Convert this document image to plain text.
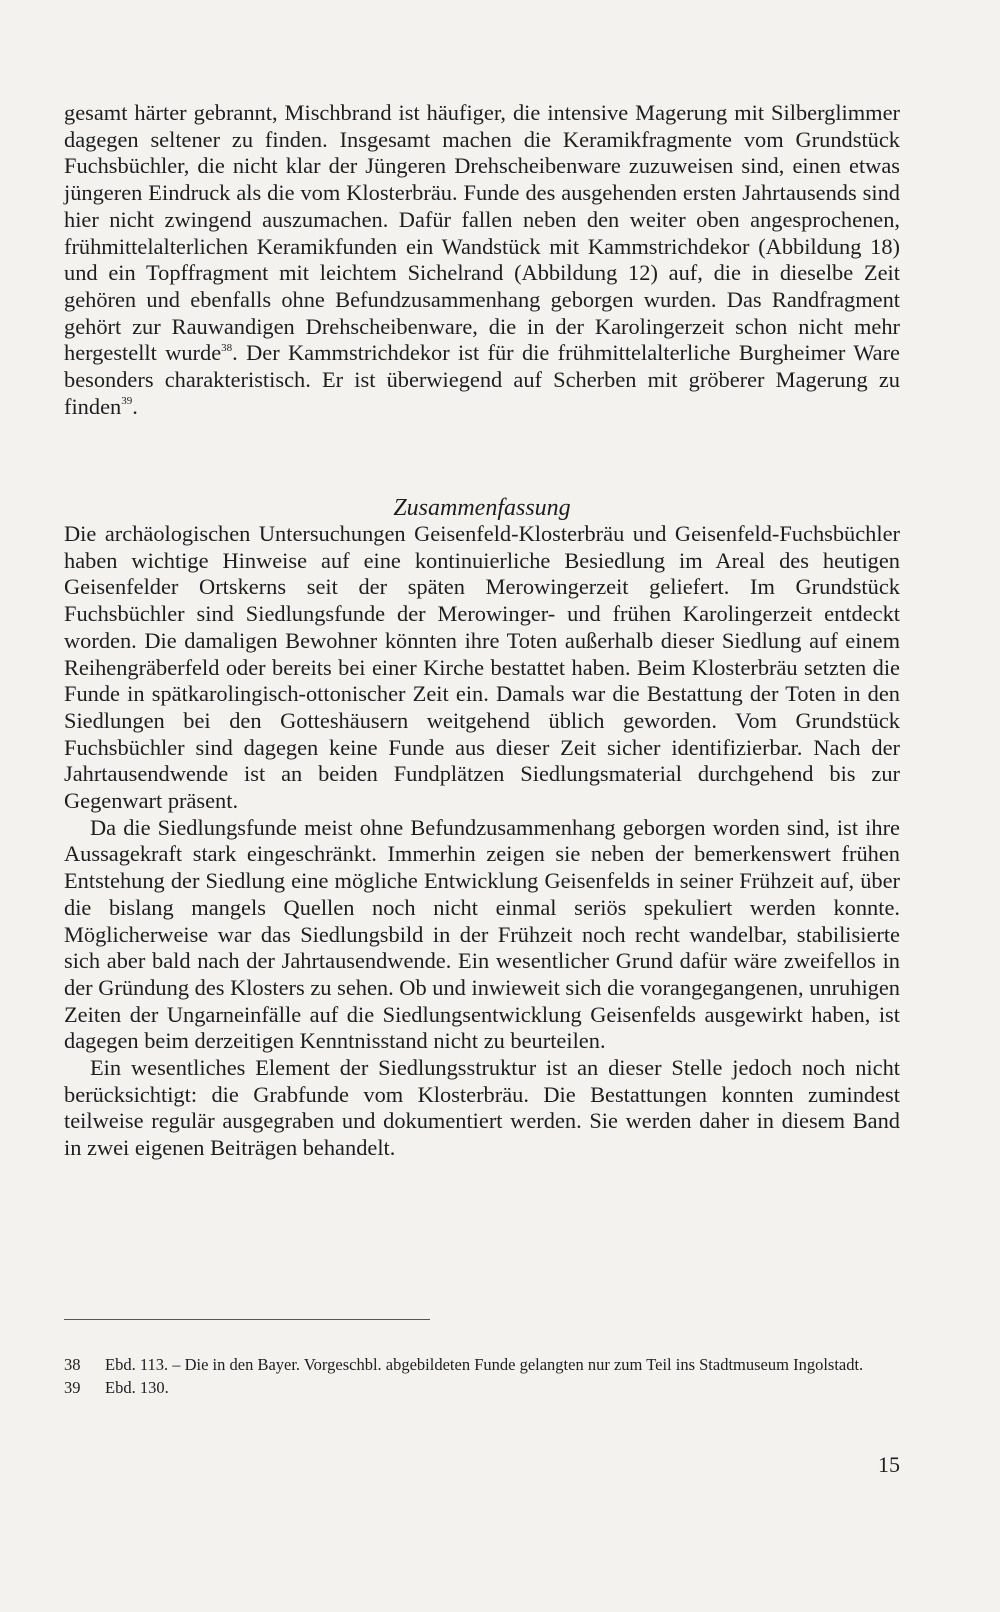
gesamt härter gebrannt, Mischbrand ist häufiger, die intensive Magerung mit Silberglimmer dagegen seltener zu finden. Insgesamt machen die Keramikfragmente vom Grundstück Fuchsbüchler, die nicht klar der Jüngeren Drehscheibenware zuzuweisen sind, einen etwas jüngeren Eindruck als die vom Klosterbräu. Funde des ausgehenden ersten Jahrtausends sind hier nicht zwingend auszumachen. Dafür fallen neben den weiter oben angesprochenen, frühmittelalterlichen Keramikfunden ein Wandstück mit Kammstrichdekor (Abbildung 18) und ein Topffragment mit leichtem Sichelrand (Abbildung 12) auf, die in dieselbe Zeit gehören und ebenfalls ohne Befundzusammenhang geborgen wurden. Das Randfragment gehört zur Rauwandigen Drehscheibenware, die in der Karolingerzeit schon nicht mehr hergestellt wurde$^{38}$. Der Kammstrichdekor ist für die frühmittelalterliche Burgheimer Ware besonders charakteristisch. Er ist überwiegend auf Scherben mit gröberer Magerung zu finden$^{39}$.

Zusammenfassung

Die archäologischen Untersuchungen Geisenfeld-Klosterbräu und Geisenfeld-Fuchsbüchler haben wichtige Hinweise auf eine kontinuierliche Besiedlung im Areal des heutigen Geisenfelder Ortskerns seit der späten Merowingerzeit geliefert. Im Grundstück Fuchsbüchler sind Siedlungsfunde der Merowinger- und frühen Karolingerzeit entdeckt worden. Die damaligen Bewohner könnten ihre Toten außerhalb dieser Siedlung auf einem Reihengräberfeld oder bereits bei einer Kirche bestattet haben. Beim Klosterbräu setzten die Funde in spätkarolingisch-ottonischer Zeit ein. Damals war die Bestattung der Toten in den Siedlungen bei den Gotteshäusern weitgehend üblich geworden. Vom Grundstück Fuchsbüchler sind dagegen keine Funde aus dieser Zeit sicher identifizierbar. Nach der Jahrtausendwende ist an beiden Fundplätzen Siedlungsmaterial durchgehend bis zur Gegenwart präsent.

Da die Siedlungsfunde meist ohne Befundzusammenhang geborgen worden sind, ist ihre Aussagekraft stark eingeschränkt. Immerhin zeigen sie neben der bemerkenswert frühen Entstehung der Siedlung eine mögliche Entwicklung Geisenfelds in seiner Frühzeit auf, über die bislang mangels Quellen noch nicht einmal seriös spekuliert werden konnte. Möglicherweise war das Siedlungsbild in der Frühzeit noch recht wandelbar, stabilisierte sich aber bald nach der Jahrtausendwende. Ein wesentlicher Grund dafür wäre zweifellos in der Gründung des Klosters zu sehen. Ob und inwieweit sich die vorangegangenen, unruhigen Zeiten der Ungarneinfälle auf die Siedlungsentwicklung Geisenfelds ausgewirkt haben, ist dagegen beim derzeitigen Kenntnisstand nicht zu beurteilen.

Ein wesentliches Element der Siedlungsstruktur ist an dieser Stelle jedoch noch nicht berücksichtigt: die Grabfunde vom Klosterbräu. Die Bestattungen konnten zumindest teilweise regulär ausgegraben und dokumentiert werden. Sie werden daher in diesem Band in zwei eigenen Beiträgen behandelt.

38 Ebd. 113. – Die in den Bayer. Vorgeschbl. abgebildeten Funde gelangten nur zum Teil ins Stadtmuseum Ingolstadt.

39 Ebd. 130.

15
